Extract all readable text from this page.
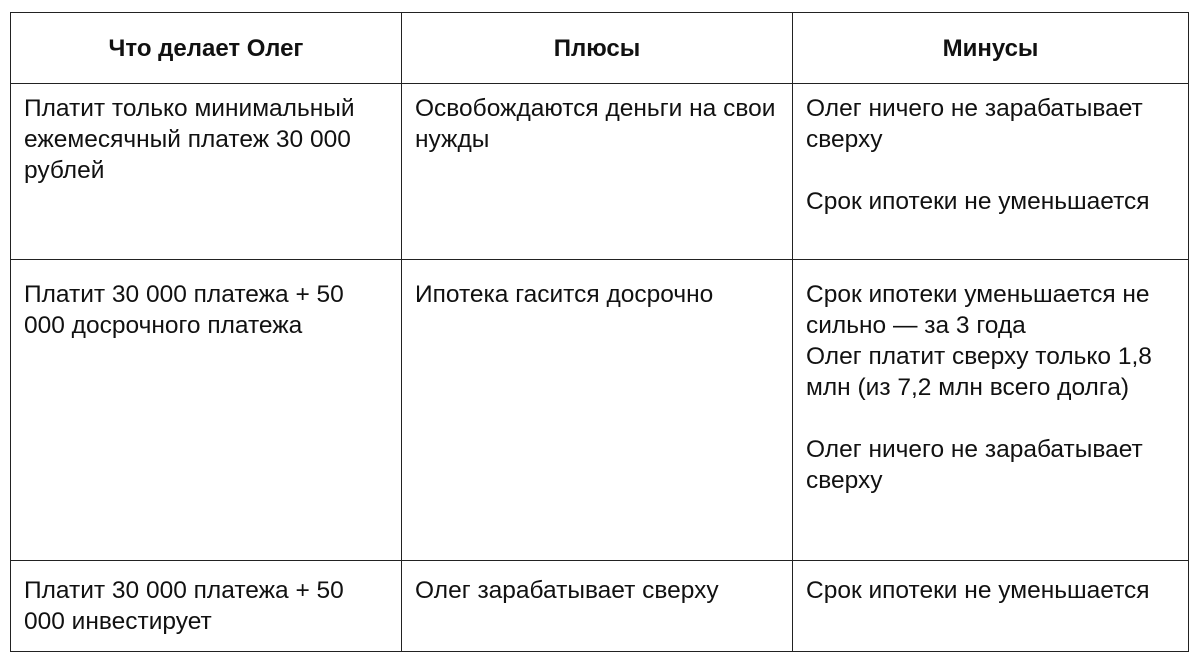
Что делает Олег	Плюсы	Минусы

Платит только минимальный ежемесячный платеж 30 000 рублей	Освобождаются деньги на свои нужды	Олег ничего не зарабатывает сверху

Срок ипотеки не уменьшается

Платит 30 000 платежа + 50 000 досрочного платежа	Ипотека гасится досрочно	Срок ипотеки уменьшается не сильно — за 3 года

Олег платит сверху только 1,8 млн (из 7,2 млн всего долга)

Олег ничего не зарабатывает сверху

Платит 30 000 платежа + 50 000 инвестирует	Олег зарабатывает сверху	Срок ипотеки не уменьшается
